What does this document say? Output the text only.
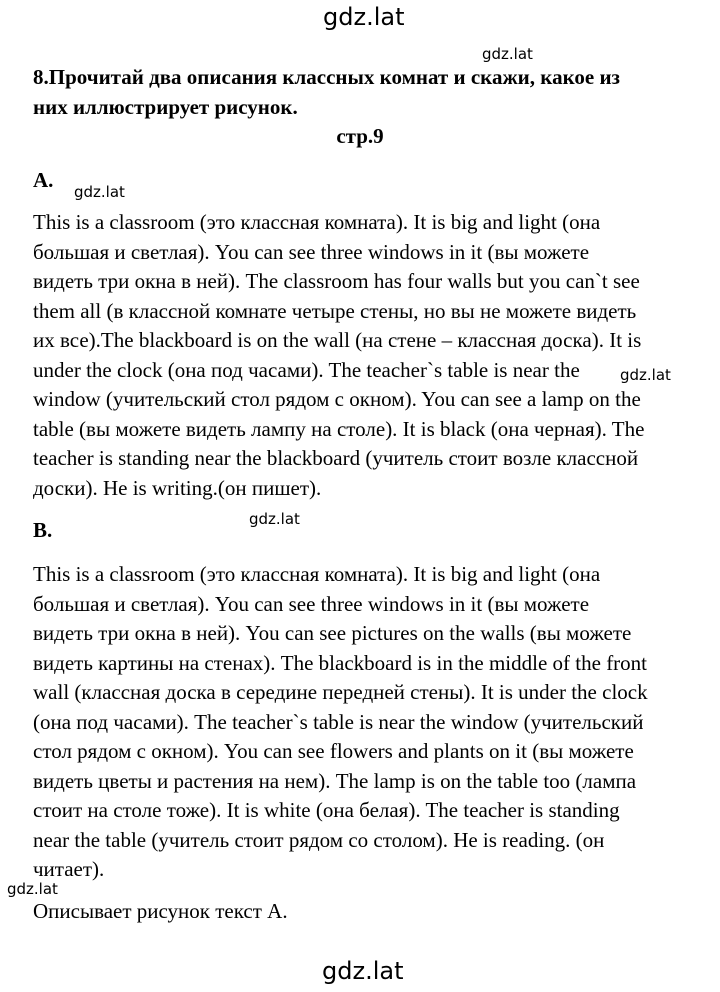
gdz.lat
gdz.lat
8.Прочитай два описания классных комнат и скажи, какое из
них иллюстрирует рисунок.
стр.9
A. gdz.lat
This is a classroom (это классная комната). It is big and light (она
большая и светлая). You can see three windows in it (вы можете
видеть три окна в ней). The classroom has four walls but you can`t see
them all (в классной комнате четыре стены, но вы не можете видеть
их все).The blackboard is on the wall (на стене – классная доска). It is
under the clock (она под часами). The teacher`s table is near the
window (учительский стол рядом с окном). You can see a lamp on the
table (вы можете видеть лампу на столе). It is black (она черная). The
teacher is standing near the blackboard (учитель стоит возле классной
доски). He is writing.(он пишет).
gdz.lat
B.	gdz.lat
This is a classroom (это классная комната). It is big and light (она
большая и светлая). You can see three windows in it (вы можете
видеть три окна в ней). You can see pictures on the walls (вы можете
видеть картины на стенах). The blackboard is in the middle of the front
wall (классная доска в середине передней стены). It is under the clock
(она под часами). The teacher`s table is near the window (учительский
стол рядом с окном). You can see flowers and plants on it (вы можете
видеть цветы и растения на нем). The lamp is on the table too (лампа
стоит на столе тоже). It is white (она белая). The teacher is standing
near the table (учитель стоит рядом со столом). He is reading. (он
читает).
gdz.lat
Описывает рисунок текст А.
gdz.lat
